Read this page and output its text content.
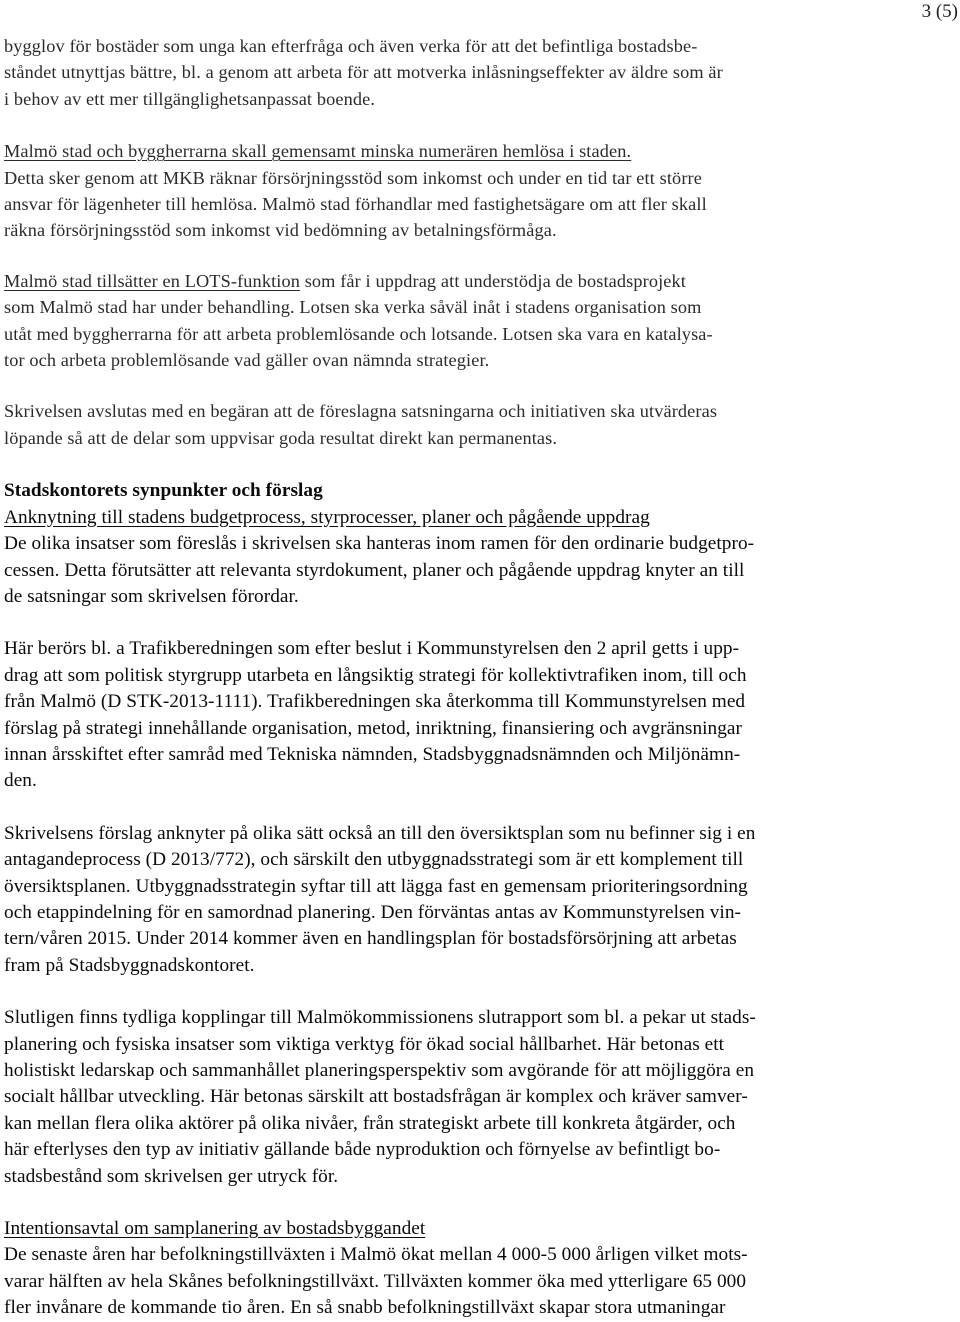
3 (5)
bygglov för bostäder som unga kan efterfråga och även verka för att det befintliga bostadsbe-
ståndet utnyttjas bättre, bl. a genom att arbeta för att motverka inlåsningseffekter av äldre som är
i behov av ett mer tillgänglighetsanpassat boende.
Malmö stad och byggherrarna skall gemensamt minska numerären hemlösa i staden.
Detta sker genom att MKB räknar försörjningsstöd som inkomst och under en tid tar ett större
ansvar för lägenheter till hemlösa. Malmö stad förhandlar med fastighetsägare om att fler skall
räkna försörjningsstöd som inkomst vid bedömning av betalningsförmåga.
Malmö stad tillsätter en LOTS-funktion som får i uppdrag att understödja de bostadsprojekt
som Malmö stad har under behandling. Lotsen ska verka såväl inåt i stadens organisation som
utåt med byggherrarna för att arbeta problemlösande och lotsande. Lotsen ska vara en katalysa-
tor och arbeta problemlösande vad gäller ovan nämnda strategier.
Skrivelsen avslutas med en begäran att de föreslagna satsningarna och initiativen ska utvärderas
löpande så att de delar som uppvisar goda resultat direkt kan permanentas.
Stadskontorets synpunkter och förslag
Anknytning till stadens budgetprocess, styrprocesser, planer och pågående uppdrag
De olika insatser som föreslås i skrivelsen ska hanteras inom ramen för den ordinarie budgetpro-
cessen. Detta förutsätter att relevanta styrdokument, planer och pågående uppdrag knyter an till
de satsningar som skrivelsen förordar.
Här berörs bl. a Trafikberedningen som efter beslut i Kommunstyrelsen den 2 april getts i upp-
drag att som politisk styrgrupp utarbeta en långsiktig strategi för kollektivtrafiken inom, till och
från Malmö (D STK-2013-1111). Trafikberedningen ska återkomma till Kommunstyrelsen med
förslag på strategi innehållande organisation, metod, inriktning, finansiering och avgränsningar
innan årsskiftet efter samråd med Tekniska nämnden, Stadsbyggnadsnämnden och Miljönämn-
den.
Skrivelsens förslag anknyter på olika sätt också an till den översiktsplan som nu befinner sig i en
antagandeprocess (D 2013/772), och särskilt den utbyggnadsstrategi som är ett komplement till
översiktsplanen. Utbyggnadsstrategin syftar till att lägga fast en gemensam prioriteringsordning
och etappindelning för en samordnad planering. Den förväntas antas av Kommunstyrelsen vin-
tern/våren 2015. Under 2014 kommer även en handlingsplan för bostadsförsörjning att arbetas
fram på Stadsbyggnadskontoret.
Slutligen finns tydliga kopplingar till Malmökommissionens slutrapport som bl. a pekar ut stads-
planering och fysiska insatser som viktiga verktyg för ökad social hållbarhet. Här betonas ett
holistiskt ledarskap och sammanhållet planeringsperspektiv som avgörande för att möjliggöra en
socialt hållbar utveckling. Här betonas särskilt att bostadsfrågan är komplex och kräver samver-
kan mellan flera olika aktörer på olika nivåer, från strategiskt arbete till konkreta åtgärder, och
här efterlyses den typ av initiativ gällande både nyproduktion och förnyelse av befintligt bo-
stadsbestånd som skrivelsen ger utryck för.
Intentionsavtal om samplanering av bostadsbyggandet
De senaste åren har befolkningstillväxten i Malmö ökat mellan 4 000-5 000 årligen vilket mots-
varar hälften av hela Skånes befolkningstillväxt. Tillväxten kommer öka med ytterligare 65 000
fler invånare de kommande tio åren. En så snabb befolkningstillväxt skapar stora utmaningar
